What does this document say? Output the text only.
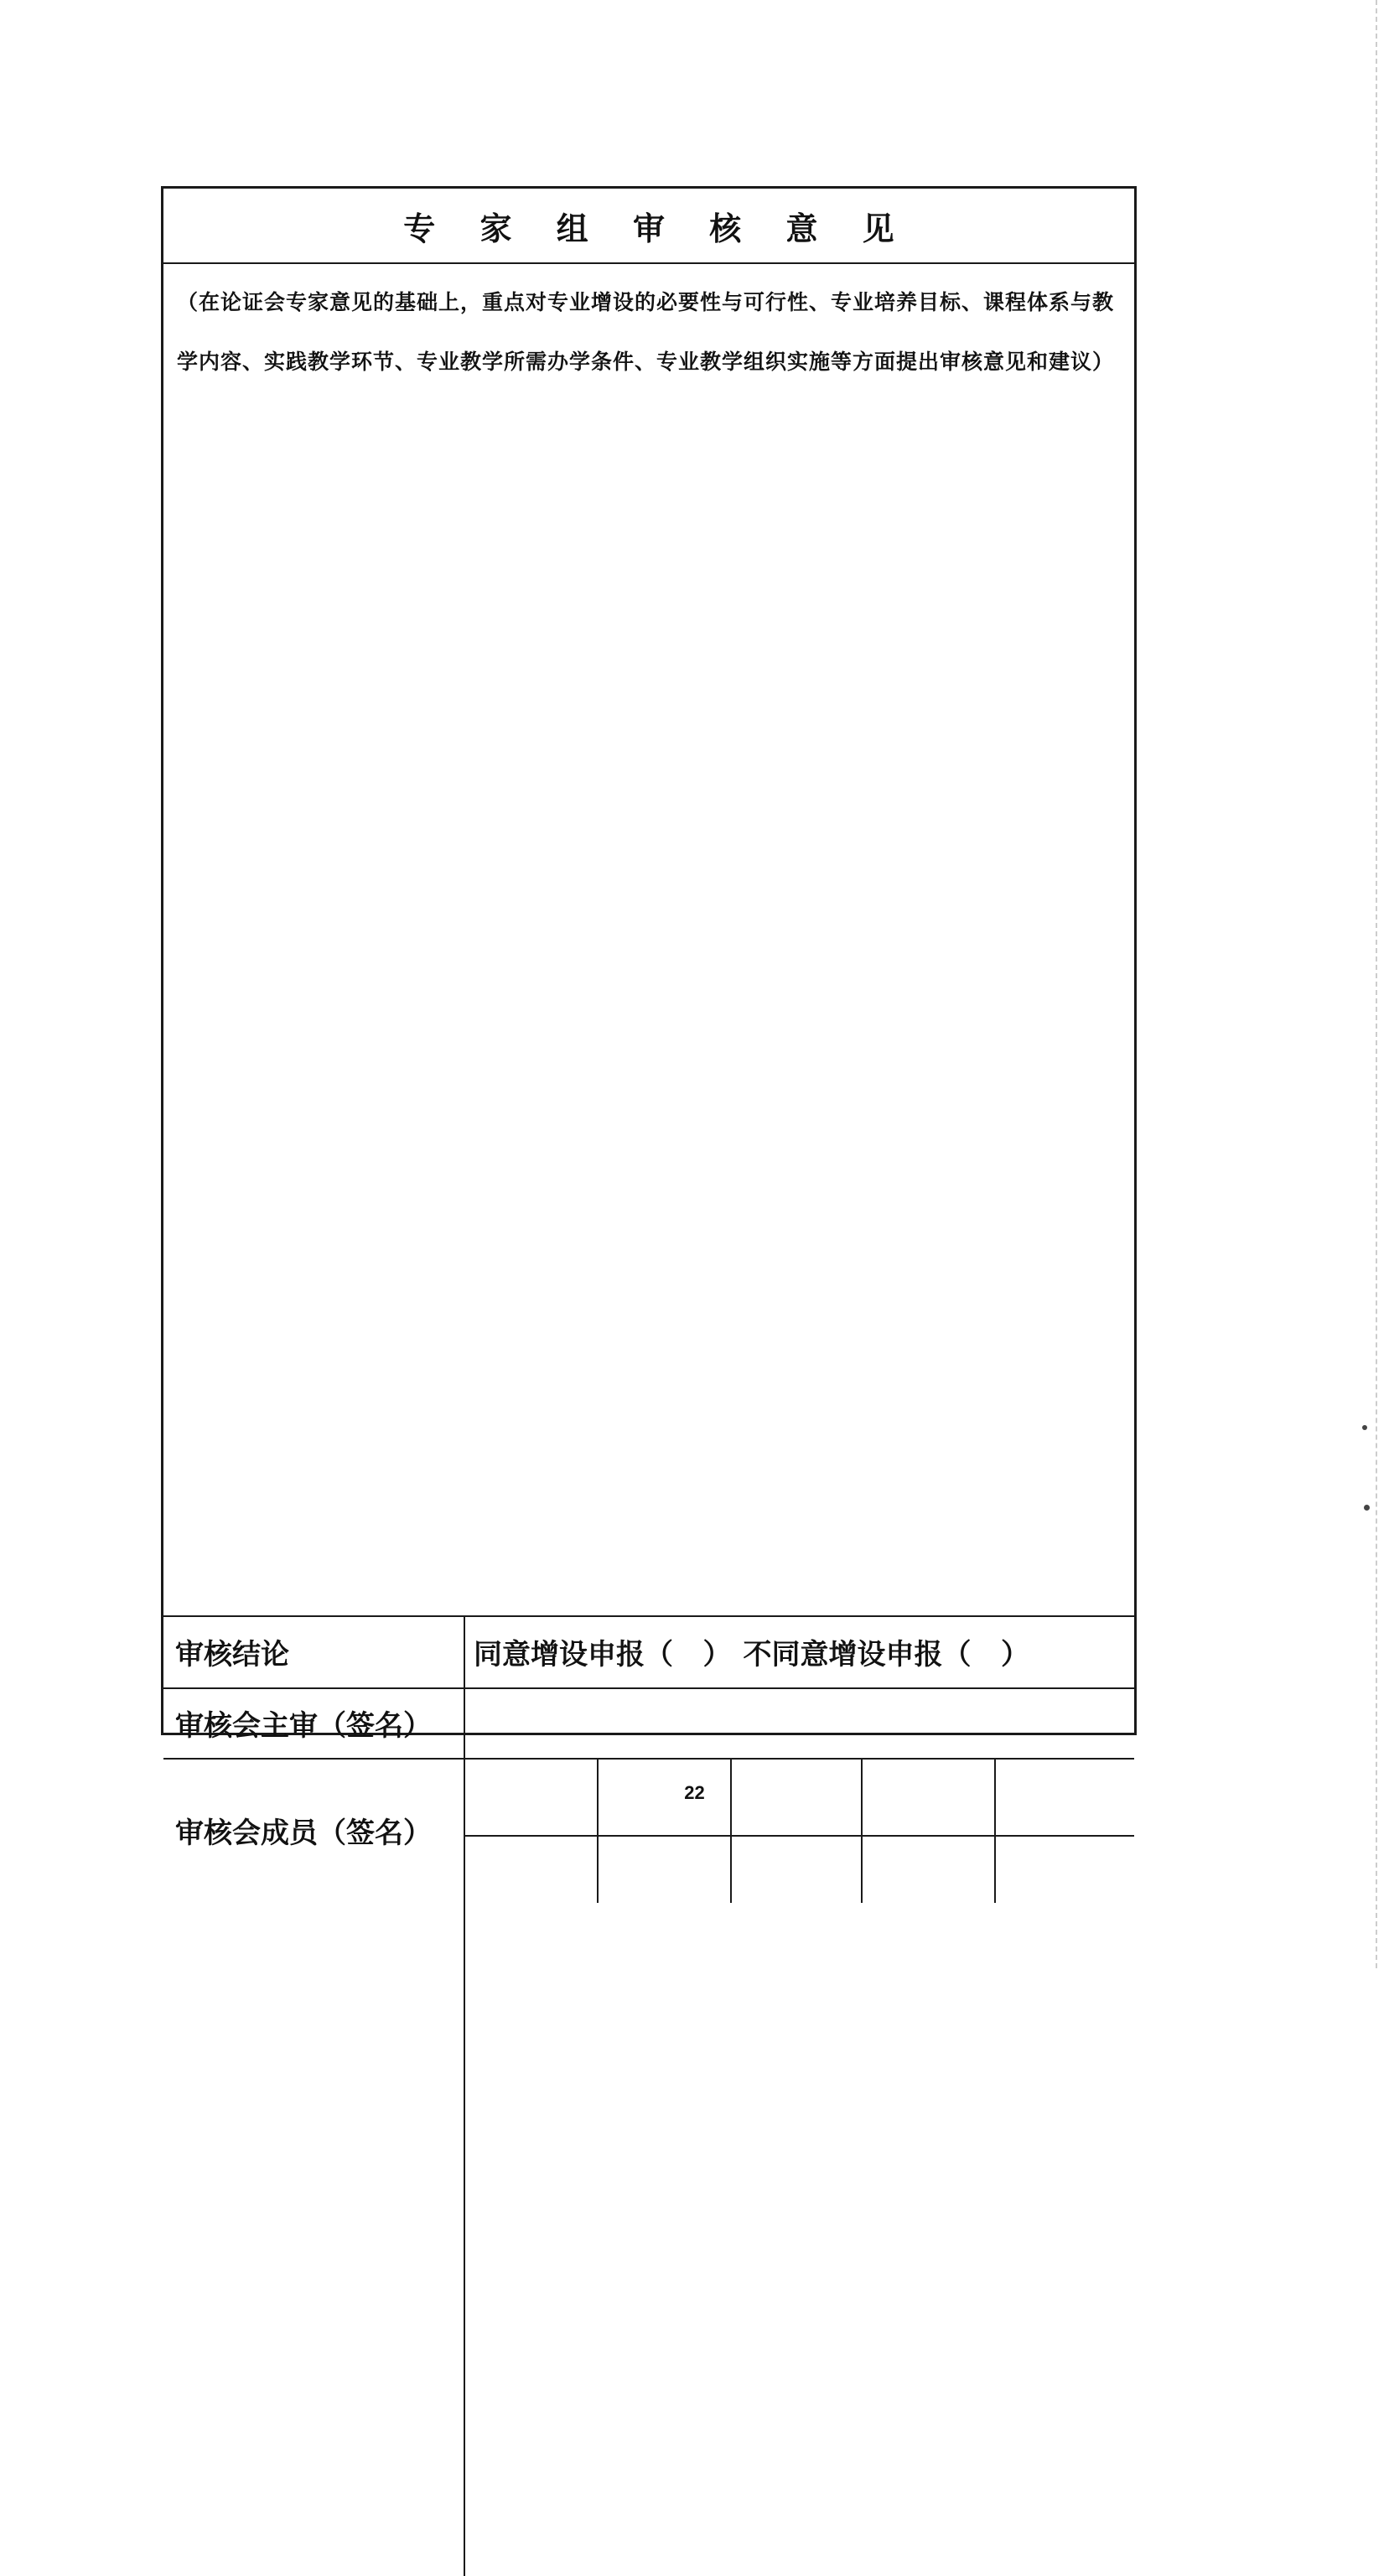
专 家 组 审 核 意 见
（在论证会专家意见的基础上，重点对专业增设的必要性与可行性、专业培养目标、课程体系与教学内容、实践教学环节、专业教学所需办学条件、专业教学组织实施等方面提出审核意见和建议）
审核结论	同意增设申报（   ） 不同意增设申报（   ）
审核会主审（签名）
审核会成员（签名）
22
